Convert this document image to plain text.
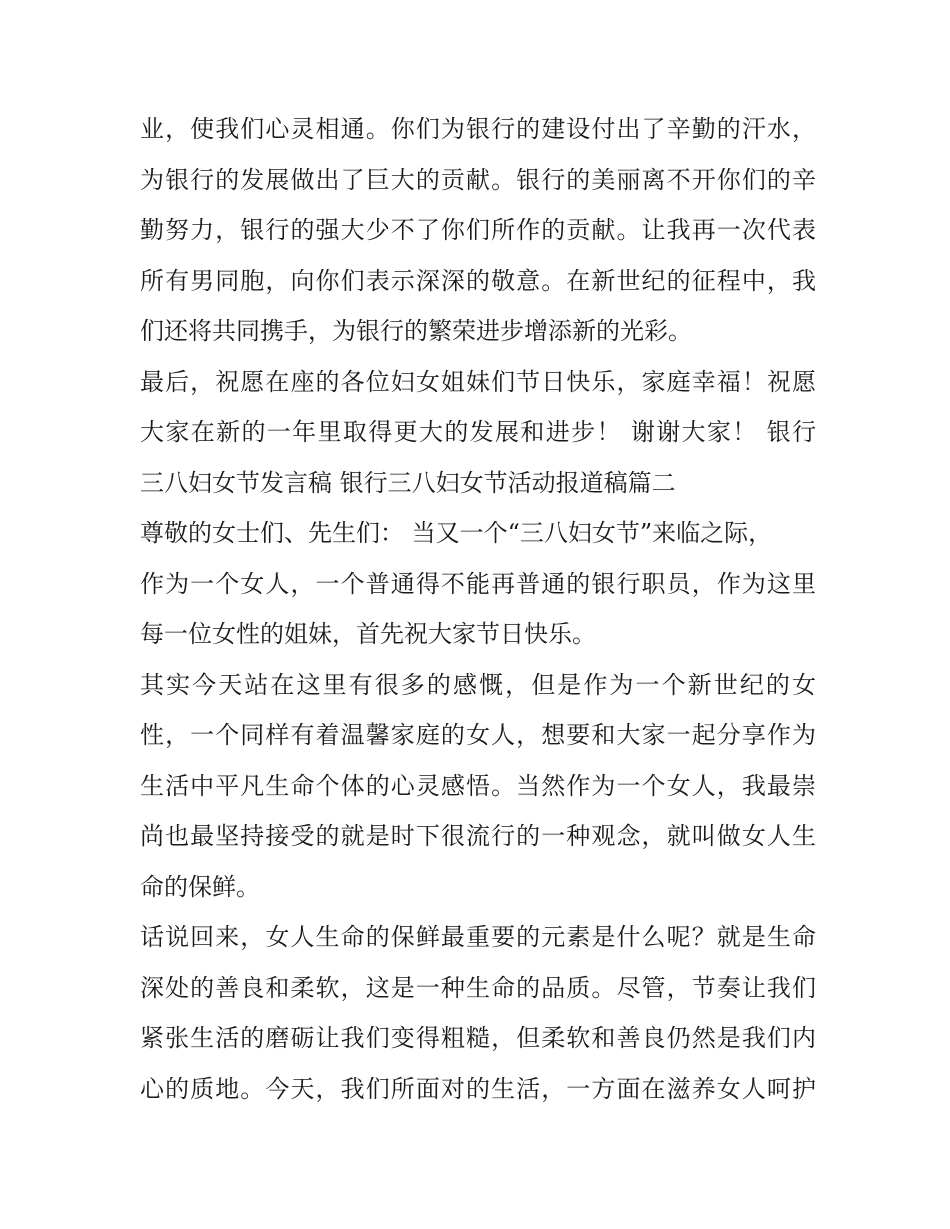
业，使我们心灵相通。你们为银行的建设付出了辛勤的汗水，
为银行的发展做出了巨大的贡献。银行的美丽离不开你们的辛
勤努力，银行的强大少不了你们所作的贡献。让我再一次代表
所有男同胞，向你们表示深深的敬意。在新世纪的征程中，我
们还将共同携手，为银行的繁荣进步增添新的光彩。
最后，祝愿在座的各位妇女姐妹们节日快乐，家庭幸福！祝愿
大家在新的一年里取得更大的发展和进步！ 谢谢大家！ 银行
三八妇女节发言稿 银行三八妇女节活动报道稿篇二
尊敬的女士们、先生们： 当又一个“三八妇女节”来临之际，
作为一个女人，一个普通得不能再普通的银行职员，作为这里
每一位女性的姐妹，首先祝大家节日快乐。
其实今天站在这里有很多的感慨，但是作为一个新世纪的女
性，一个同样有着温馨家庭的女人，想要和大家一起分享作为
生活中平凡生命个体的心灵感悟。当然作为一个女人，我最崇
尚也最坚持接受的就是时下很流行的一种观念，就叫做女人生
命的保鲜。
话说回来，女人生命的保鲜最重要的元素是什么呢？就是生命
深处的善良和柔软，这是一种生命的品质。尽管，节奏让我们
紧张生活的磨砺让我们变得粗糙，但柔软和善良仍然是我们内
心的质地。今天，我们所面对的生活，一方面在滋养女人呵护
